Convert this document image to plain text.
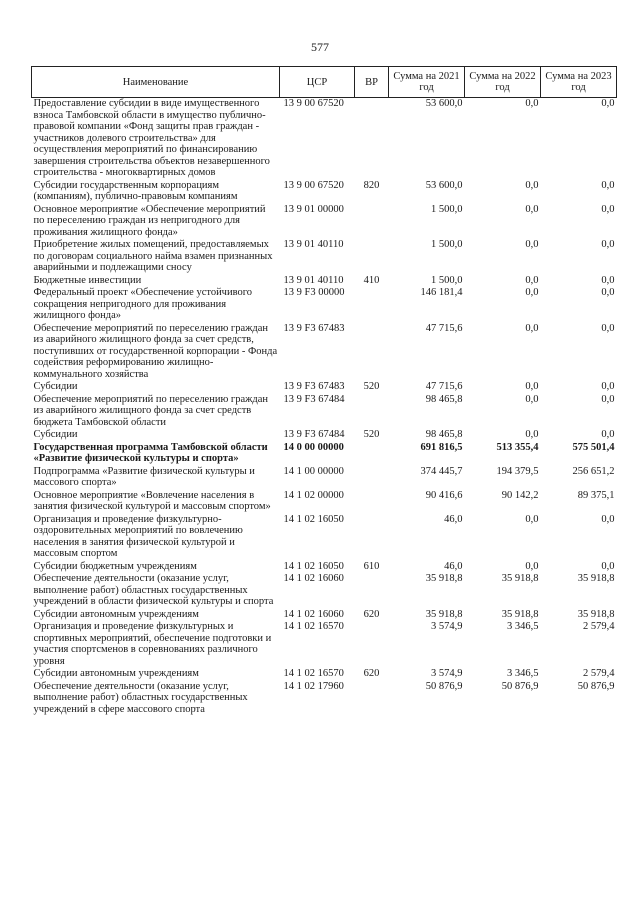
577
Наименование	ЦСР	ВР	Сумма на 2021 год	Сумма на 2022 год	Сумма на 2023 год
Предоставление субсидии в виде имущественного взноса Тамбовской области в имущество публично-правовой компании «Фонд защиты прав граждан - участников долевого строительства» для осуществления мероприятий по финансированию завершения строительства объектов незавершенного строительства - многоквартирных домов	13 9 00 67520		53 600,0	0,0	0,0
Субсидии государственным корпорациям (компаниям), публично-правовым компаниям	13 9 00 67520	820	53 600,0	0,0	0,0
Основное мероприятие «Обеспечение мероприятий по переселению граждан из непригодного для проживания жилищного фонда»	13 9 01 00000		1 500,0	0,0	0,0
Приобретение жилых помещений, предоставляемых по договорам социального найма взамен признанных аварийными и подлежащими сносу	13 9 01 40110		1 500,0	0,0	0,0
Бюджетные инвестиции	13 9 01 40110	410	1 500,0	0,0	0,0
Федеральный проект «Обеспечение устойчивого сокращения непригодного для проживания жилищного фонда»	13 9 F3 00000		146 181,4	0,0	0,0
Обеспечение мероприятий по переселению граждан из аварийного жилищного фонда за счет средств, поступивших от государственной корпорации - Фонда содействия реформированию жилищно-коммунального хозяйства	13 9 F3 67483		47 715,6	0,0	0,0
Субсидии	13 9 F3 67483	520	47 715,6	0,0	0,0
Обеспечение мероприятий по переселению граждан из аварийного жилищного фонда за счет средств бюджета Тамбовской области	13 9 F3 67484		98 465,8	0,0	0,0
Субсидии	13 9 F3 67484	520	98 465,8	0,0	0,0
Государственная программа Тамбовской области «Развитие физической культуры и спорта»	14 0 00 00000		691 816,5	513 355,4	575 501,4
Подпрограмма «Развитие физической культуры и массового спорта»	14 1 00 00000		374 445,7	194 379,5	256 651,2
Основное мероприятие «Вовлечение населения в занятия физической культурой и массовым спортом»	14 1 02 00000		90 416,6	90 142,2	89 375,1
Организация и проведение физкультурно-оздоровительных мероприятий по вовлечению населения в занятия физической культурой и массовым спортом	14 1 02 16050		46,0	0,0	0,0
Субсидии бюджетным учреждениям	14 1 02 16050	610	46,0	0,0	0,0
Обеспечение деятельности (оказание услуг, выполнение работ) областных государственных учреждений в области физической культуры и спорта	14 1 02 16060		35 918,8	35 918,8	35 918,8
Субсидии автономным учреждениям	14 1 02 16060	620	35 918,8	35 918,8	35 918,8
Организация и проведение физкультурных и спортивных мероприятий, обеспечение подготовки и участия спортсменов в соревнованиях различного уровня	14 1 02 16570		3 574,9	3 346,5	2 579,4
Субсидии автономным учреждениям	14 1 02 16570	620	3 574,9	3 346,5	2 579,4
Обеспечение деятельности (оказание услуг, выполнение работ) областных государственных учреждений в сфере массового спорта	14 1 02 17960		50 876,9	50 876,9	50 876,9
